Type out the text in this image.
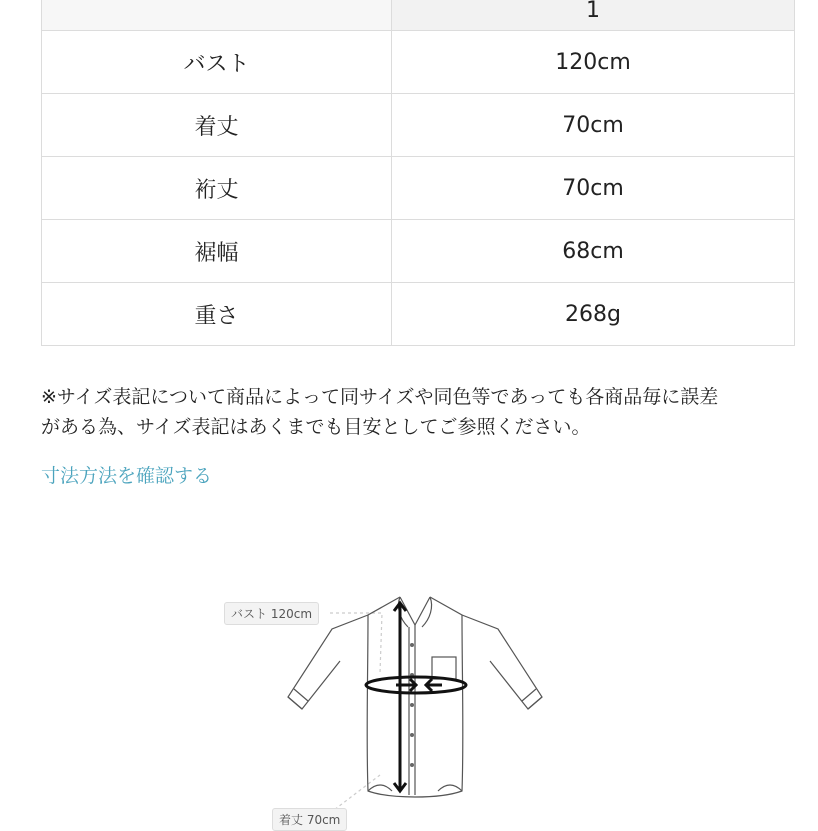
	1
バスト	120cm
着丈	70cm
裄丈	70cm
裾幅	68cm
重さ	268g

※サイズ表記について商品によって同サイズや同色等であっても各商品毎に誤差
がある為、サイズ表記はあくまでも目安としてご参照ください。

寸法方法を確認する
バスト 120cm
着丈 70cm
